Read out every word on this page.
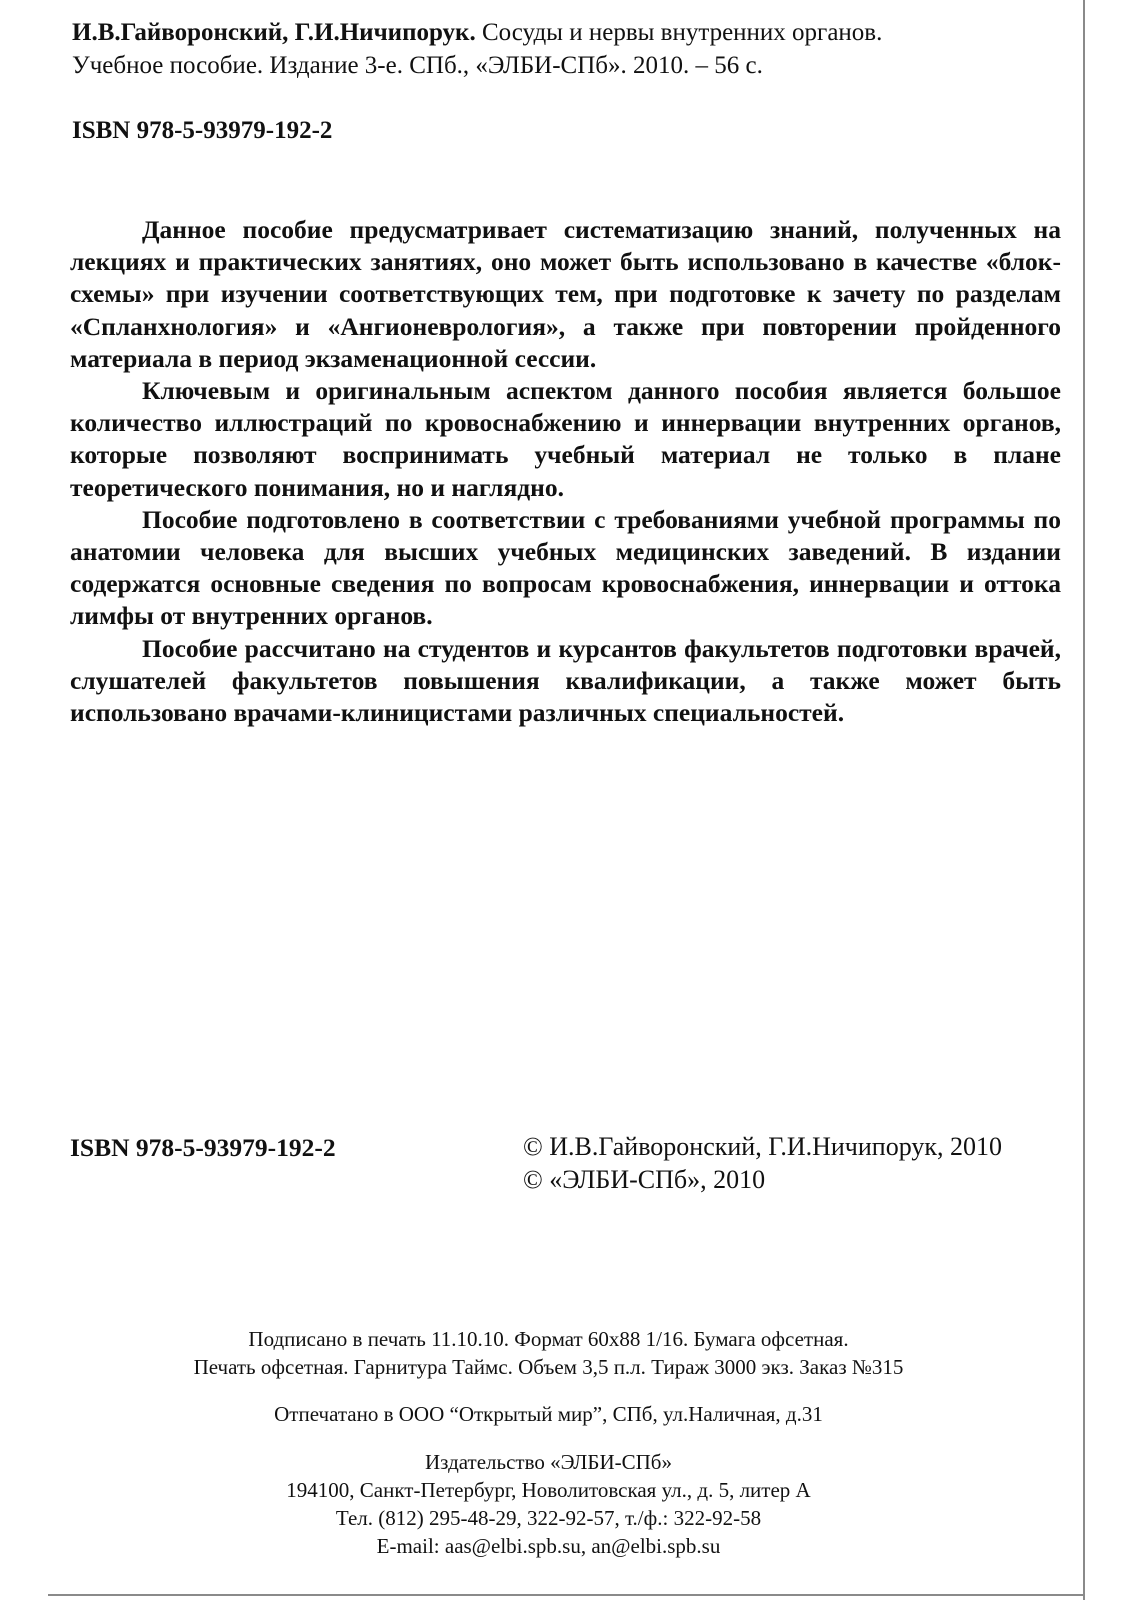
И.В.Гайворонский, Г.И.Ничипорук. Сосуды и нервы внутренних органов.
Учебное пособие. Издание 3-е. СПб., «ЭЛБИ-СПб». 2010. – 56 с.
ISBN 978-5-93979-192-2

Данное пособие предусматривает систематизацию знаний, полученных на лекциях и практических занятиях, оно может быть использовано в качестве «блок-схемы» при изучении соответствующих тем, при подготовке к зачету по разделам «Спланхнология» и «Ангионеврология», а также при повторении пройденного материала в период экзаменационной сессии.

Ключевым и оригинальным аспектом данного пособия является большое количество иллюстраций по кровоснабжению и иннервации внутренних органов, которые позволяют воспринимать учебный материал не только в плане теоретического понимания, но и наглядно.

Пособие подготовлено в соответствии с требованиями учебной программы по анатомии человека для высших учебных медицинских заведений. В издании содержатся основные сведения по вопросам кровоснабжения, иннервации и оттока лимфы от внутренних органов.

Пособие рассчитано на студентов и курсантов факультетов подготовки врачей, слушателей факультетов повышения квалификации, а также может быть использовано врачами-клиницистами различных специальностей.

ISBN 978-5-93979-192-2	© И.В.Гайворонский, Г.И.Ничипорук, 2010
© «ЭЛБИ-СПб», 2010
Подписано в печать 11.10.10. Формат 60х88 1/16. Бумага офсетная.
Печать офсетная. Гарнитура Таймс. Объем 3,5 п.л. Тираж 3000 экз. Заказ №315
Отпечатано в ООО “Открытый мир”, СПб, ул.Наличная, д.31
Издательство «ЭЛБИ-СПб»
194100, Санкт-Петербург, Новолитовская ул., д. 5, литер А
Тел. (812) 295-48-29, 322-92-57, т./ф.: 322-92-58
E-mail: aas@elbi.spb.su, an@elbi.spb.su
